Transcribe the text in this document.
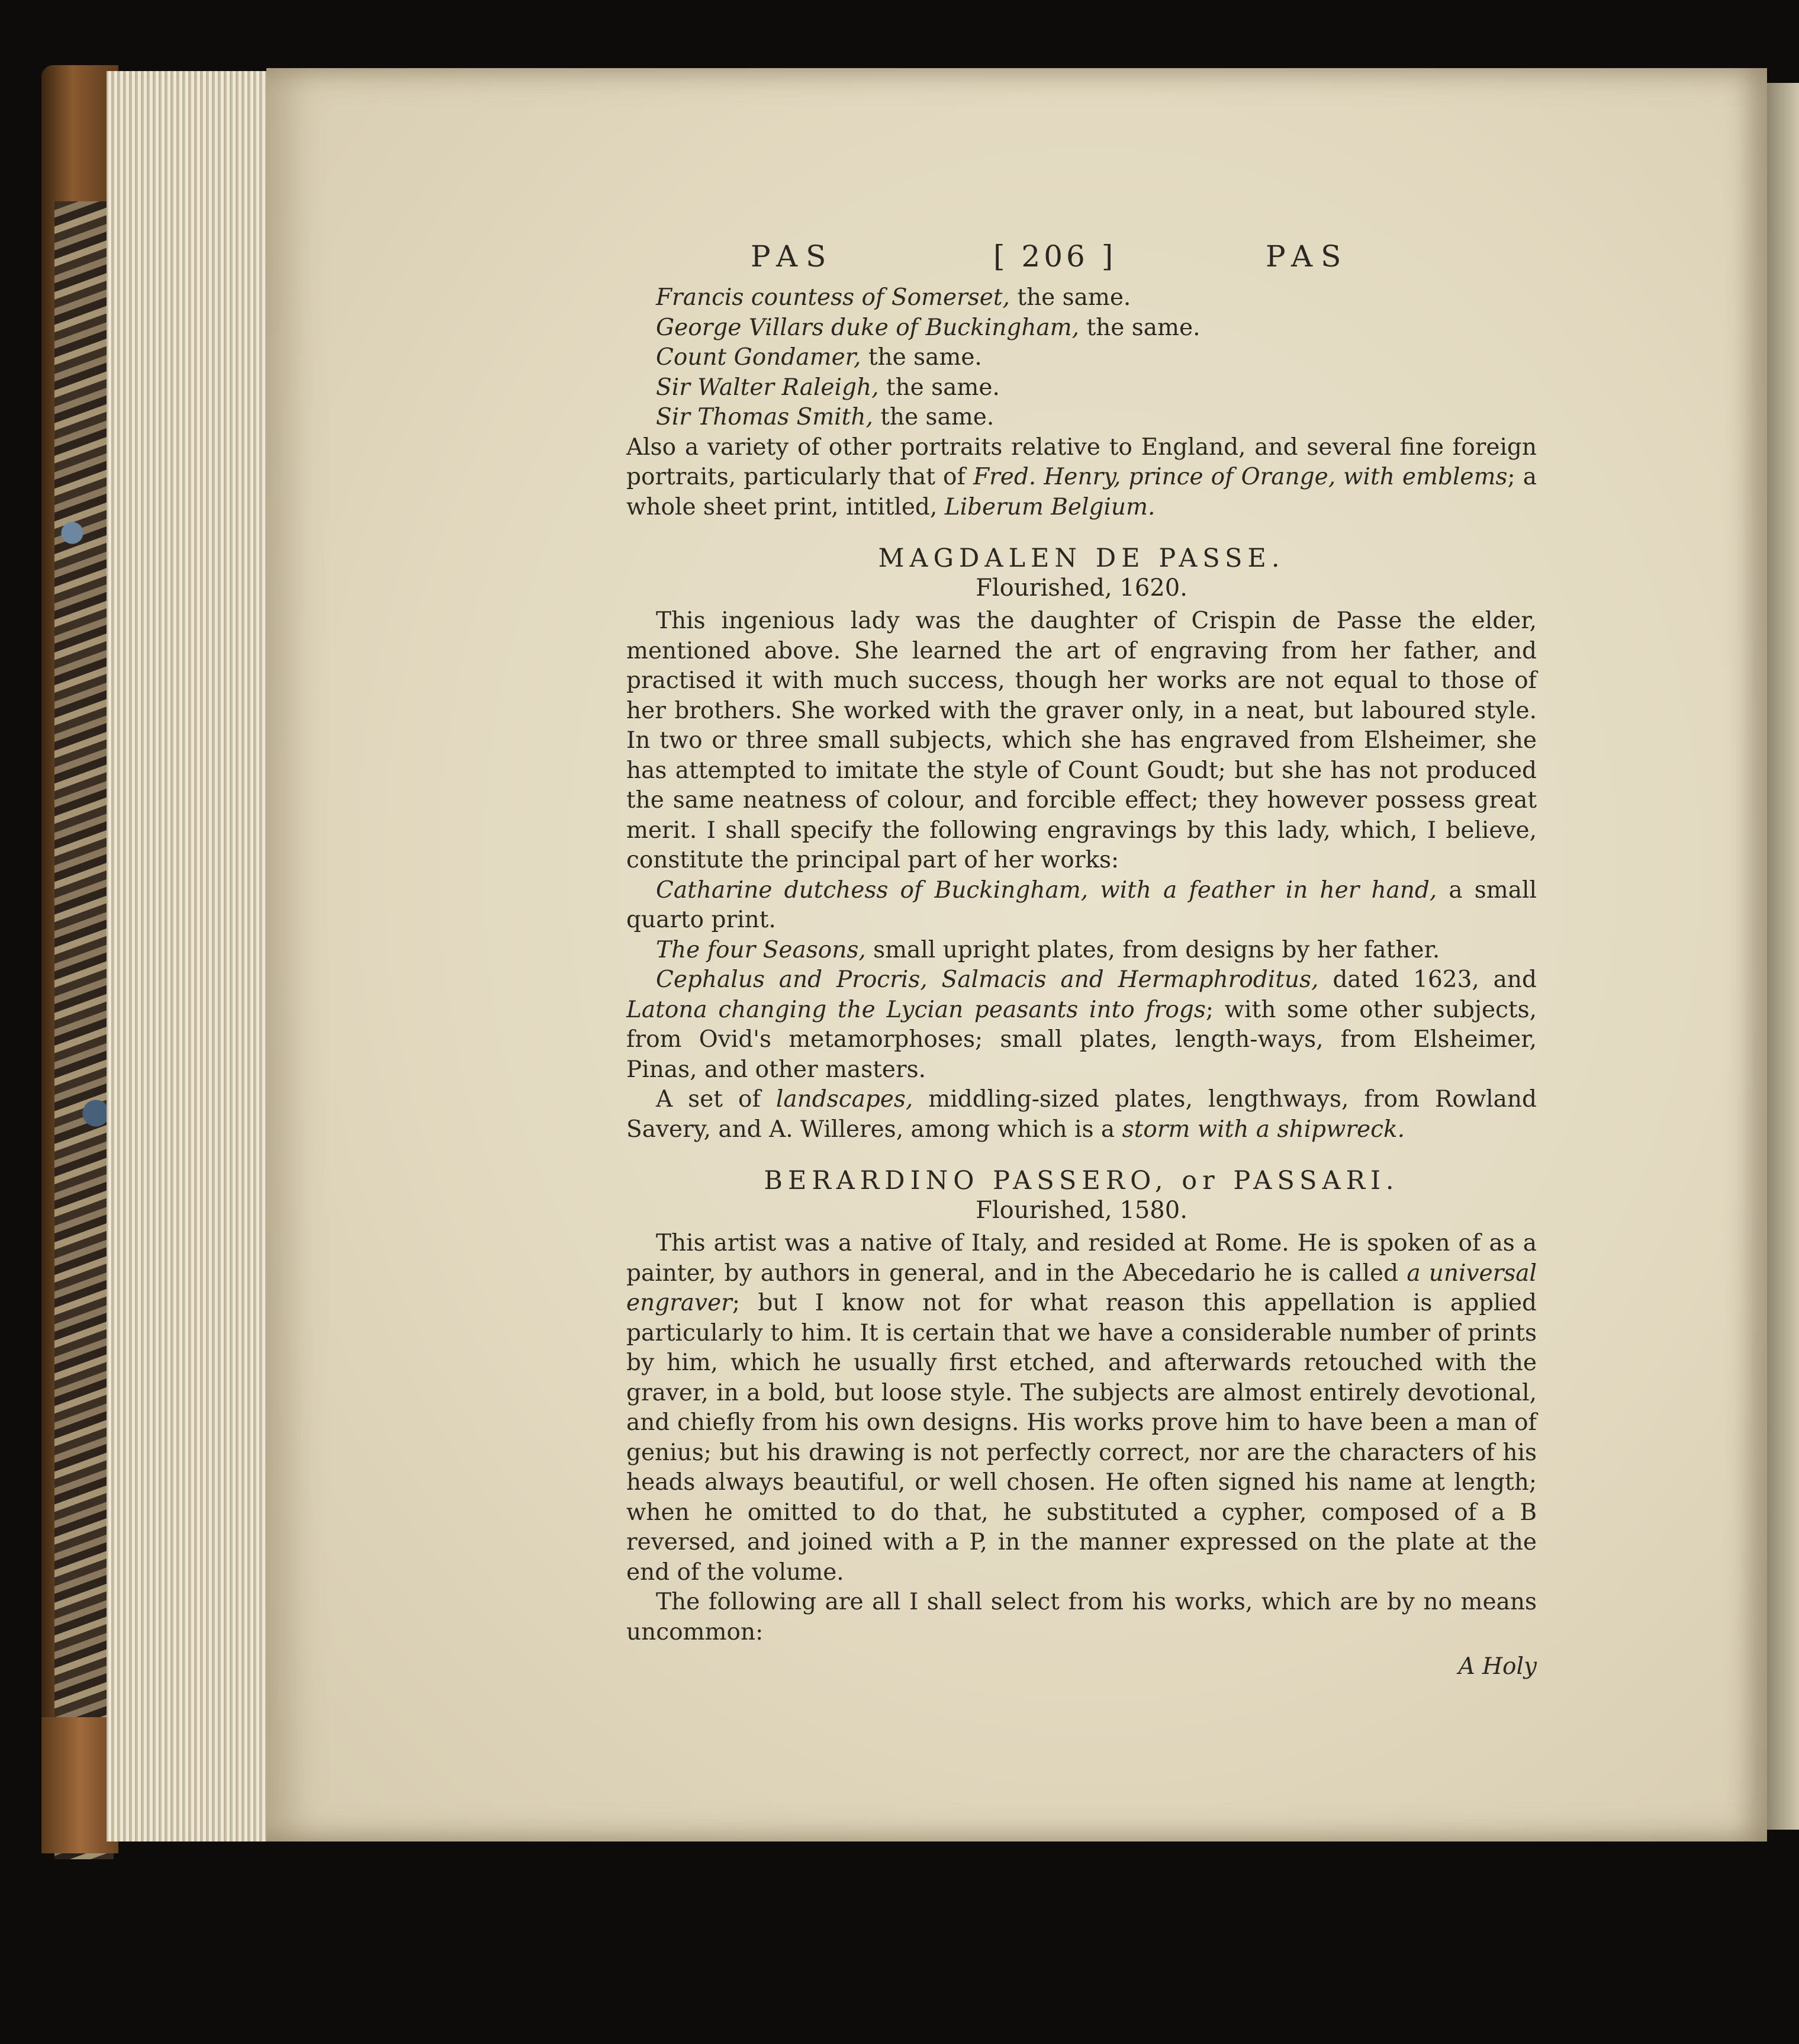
PAS	[ 206 ]	PAS

Francis countess of Somerset, the same.

George Villars duke of Buckingham, the same.

Count Gondamer, the same.

Sir Walter Raleigh, the same.

Sir Thomas Smith, the same.

Also a variety of other portraits relative to England, and several fine foreign portraits, particularly that of Fred. Henry, prince of Orange, with emblems; a whole sheet print, intitled, Liberum Belgium.

MAGDALEN DE PASSE.
Flourished, 1620.

This ingenious lady was the daughter of Crispin de Passe the elder, mentioned above. She learned the art of engraving from her father, and practised it with much success, though her works are not equal to those of her brothers. She worked with the graver only, in a neat, but laboured style. In two or three small subjects, which she has engraved from Elsheimer, she has attempted to imitate the style of Count Goudt; but she has not produced the same neatness of colour, and forcible effect; they however possess great merit. I shall specify the following engravings by this lady, which, I believe, constitute the principal part of her works:

Catharine dutchess of Buckingham, with a feather in her hand, a small quarto print.

The four Seasons, small upright plates, from designs by her father.

Cephalus and Procris, Salmacis and Hermaphroditus, dated 1623, and Latona changing the Lycian peasants into frogs; with some other subjects, from Ovid's metamorphoses; small plates, length-ways, from Elsheimer, Pinas, and other masters.

A set of landscapes, middling-sized plates, lengthways, from Rowland Savery, and A. Willeres, among which is a storm with a shipwreck.

BERARDINO PASSERO, or PASSARI.
Flourished, 1580.

This artist was a native of Italy, and resided at Rome. He is spoken of as a painter, by authors in general, and in the Abecedario he is called a universal engraver; but I know not for what reason this appellation is applied particularly to him. It is certain that we have a considerable number of prints by him, which he usually first etched, and afterwards retouched with the graver, in a bold, but loose style. The subjects are almost entirely devotional, and chiefly from his own designs. His works prove him to have been a man of genius; but his drawing is not perfectly correct, nor are the characters of his heads always beautiful, or well chosen. He often signed his name at length; when he omitted to do that, he substituted a cypher, composed of a B reversed, and joined with a P, in the manner expressed on the plate at the end of the volume.

The following are all I shall select from his works, which are by no means uncommon:

A Holy
